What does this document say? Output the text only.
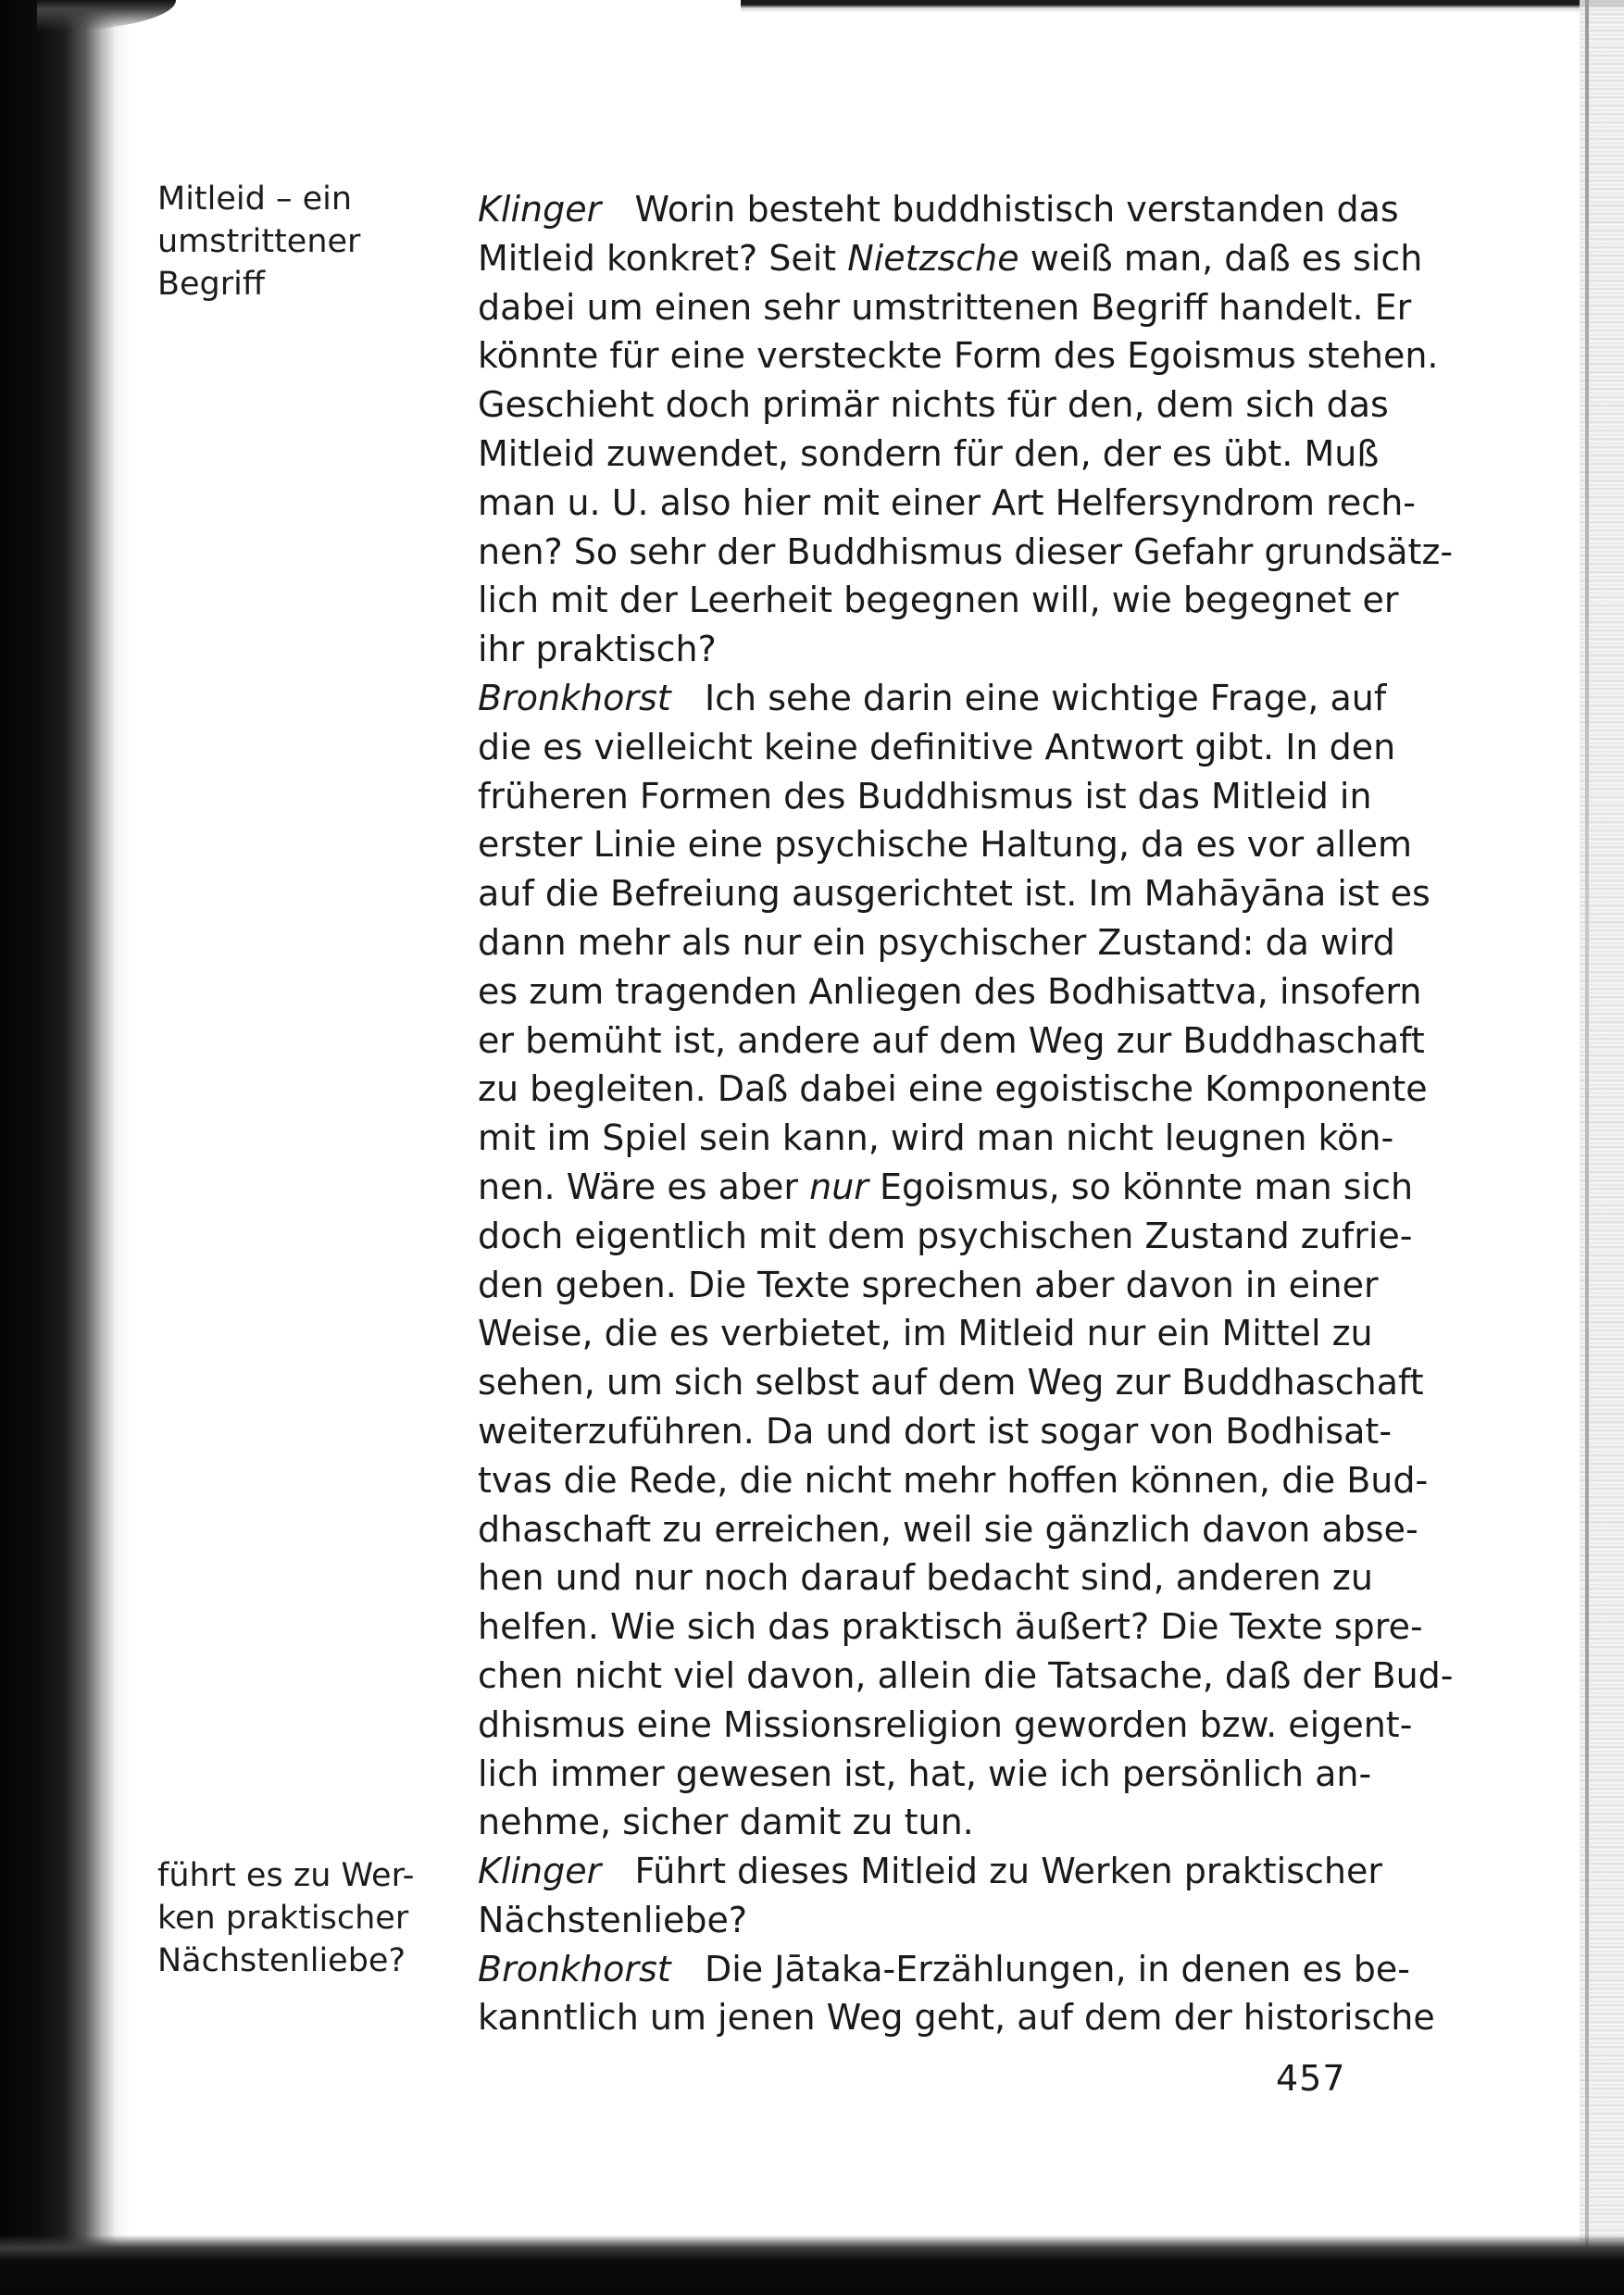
Mitleid – ein
umstrittener
Begriff
führt es zu Wer-
ken praktischer
Nächstenliebe?
Klinger Worin besteht buddhistisch verstanden das
Mitleid konkret? Seit Nietzsche weiß man, daß es sich
dabei um einen sehr umstrittenen Begriff handelt. Er
könnte für eine versteckte Form des Egoismus stehen.
Geschieht doch primär nichts für den, dem sich das
Mitleid zuwendet, sondern für den, der es übt. Muß
man u. U. also hier mit einer Art Helfersyndrom rech-
nen? So sehr der Buddhismus dieser Gefahr grundsätz-
lich mit der Leerheit begegnen will, wie begegnet er
ihr praktisch?
Bronkhorst Ich sehe darin eine wichtige Frage, auf
die es vielleicht keine definitive Antwort gibt. In den
früheren Formen des Buddhismus ist das Mitleid in
erster Linie eine psychische Haltung, da es vor allem
auf die Befreiung ausgerichtet ist. Im Mahāyāna ist es
dann mehr als nur ein psychischer Zustand: da wird
es zum tragenden Anliegen des Bodhisattva, insofern
er bemüht ist, andere auf dem Weg zur Buddhaschaft
zu begleiten. Daß dabei eine egoistische Komponente
mit im Spiel sein kann, wird man nicht leugnen kön-
nen. Wäre es aber nur Egoismus, so könnte man sich
doch eigentlich mit dem psychischen Zustand zufrie-
den geben. Die Texte sprechen aber davon in einer
Weise, die es verbietet, im Mitleid nur ein Mittel zu
sehen, um sich selbst auf dem Weg zur Buddhaschaft
weiterzuführen. Da und dort ist sogar von Bodhisat-
tvas die Rede, die nicht mehr hoffen können, die Bud-
dhaschaft zu erreichen, weil sie gänzlich davon abse-
hen und nur noch darauf bedacht sind, anderen zu
helfen. Wie sich das praktisch äußert? Die Texte spre-
chen nicht viel davon, allein die Tatsache, daß der Bud-
dhismus eine Missionsreligion geworden bzw. eigent-
lich immer gewesen ist, hat, wie ich persönlich an-
nehme, sicher damit zu tun.
Klinger Führt dieses Mitleid zu Werken praktischer
Nächstenliebe?
Bronkhorst Die Jātaka-Erzählungen, in denen es be-
kanntlich um jenen Weg geht, auf dem der historische
457
